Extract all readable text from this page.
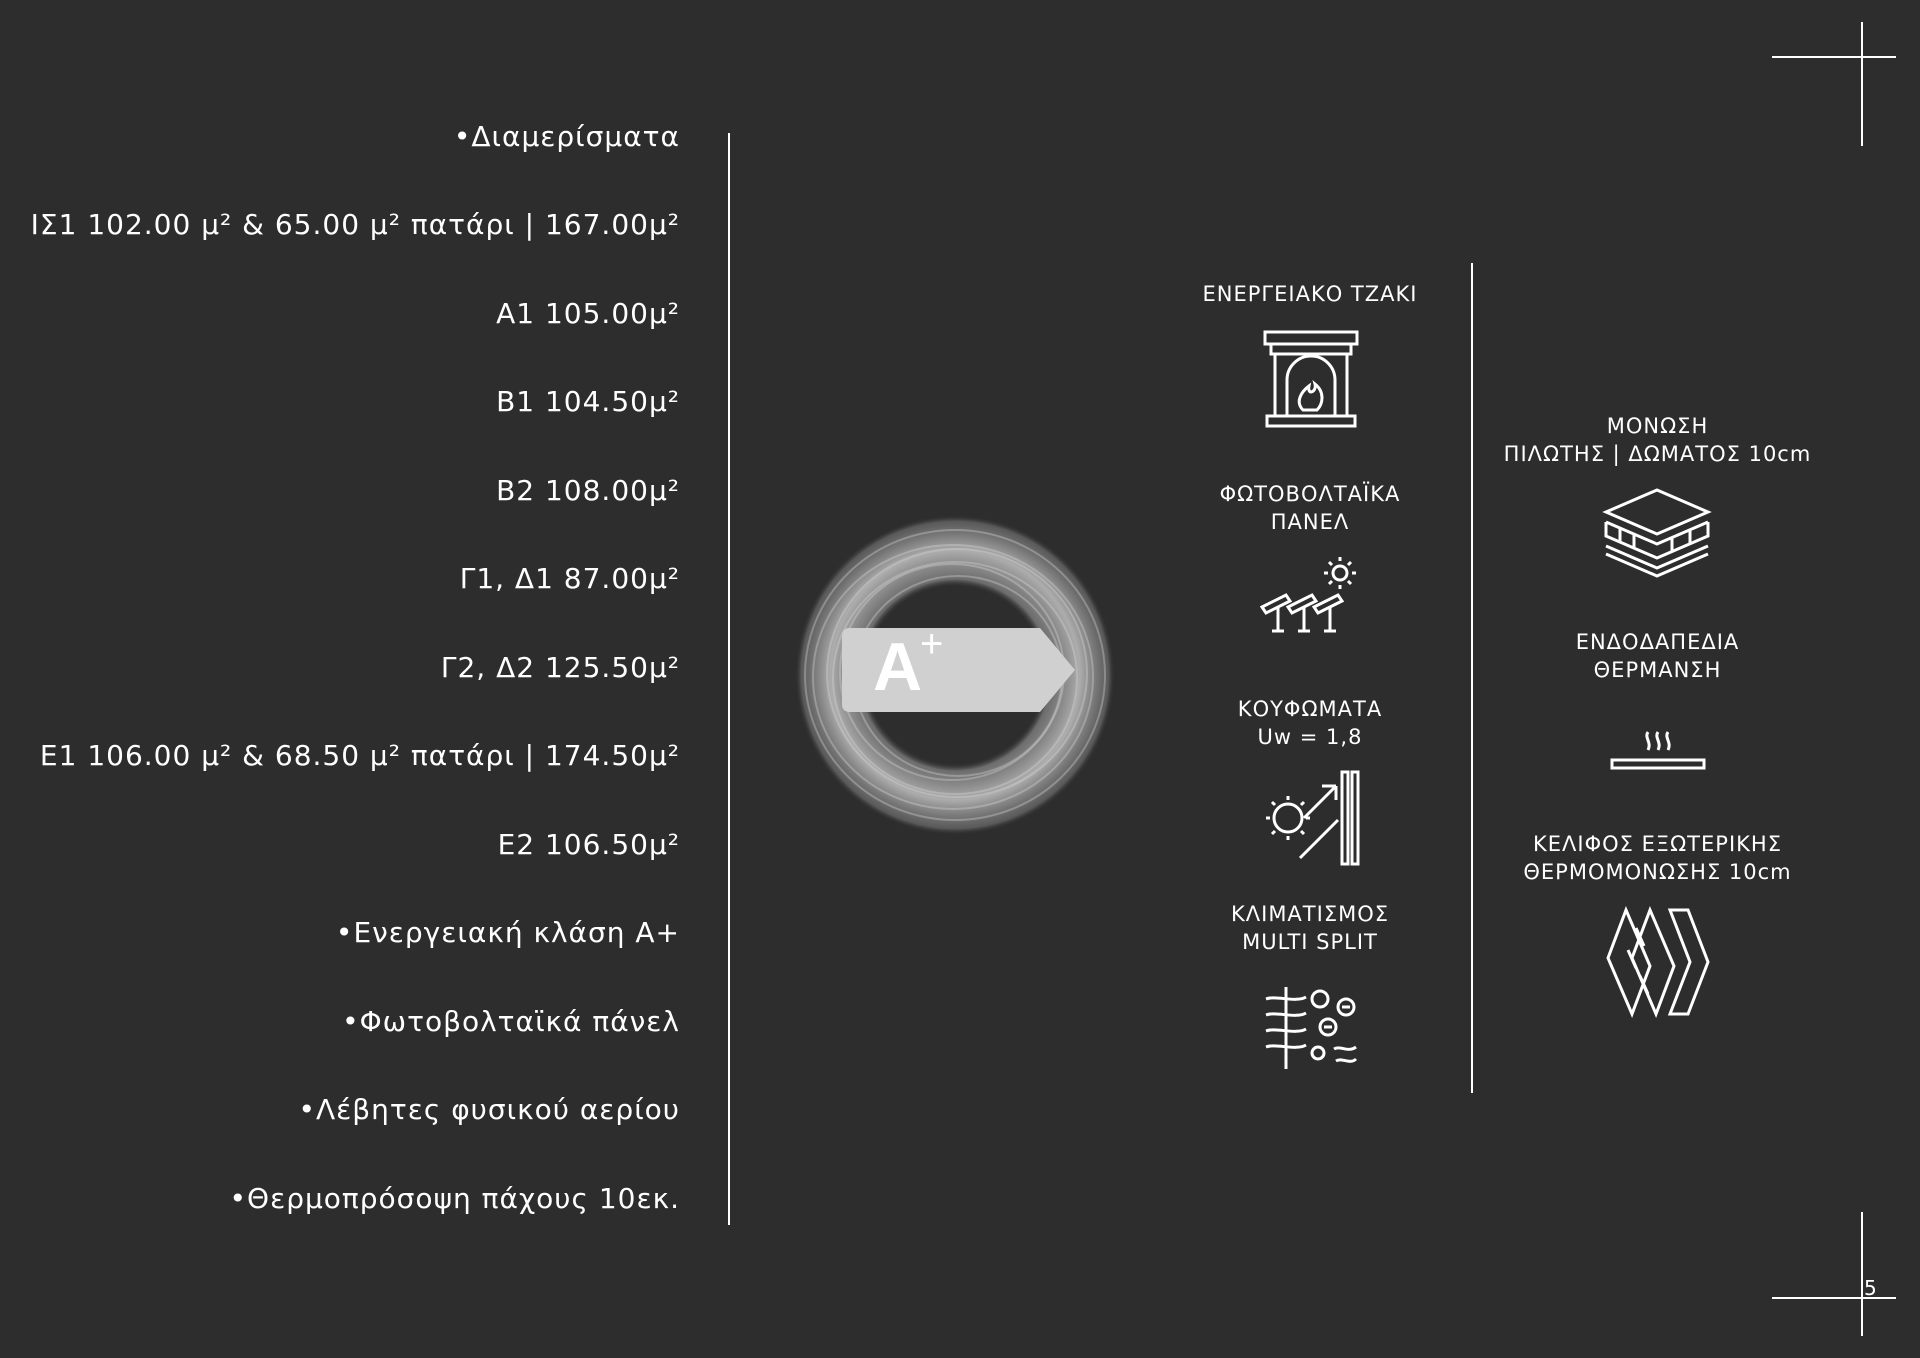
5
•Διαμερίσματα
ΙΣ1 102.00 μ² & 65.00 μ² πατάρι | 167.00μ²
Α1 105.00μ²
Β1 104.50μ²
Β2 108.00μ²
Γ1, Δ1 87.00μ²
Γ2, Δ2 125.50μ²
Ε1 106.00 μ² & 68.50 μ² πατάρι | 174.50μ²
Ε2 106.50μ²
•Ενεργειακή κλάση Α+
•Φωτοβολταϊκά πάνελ
•Λέβητες φυσικού αερίου
•Θερμοπρόσοψη πάχους 10εκ.
A
+
ΕΝΕΡΓΕΙΑΚΟ ΤΖΑΚΙ
ΦΩΤΟΒΟΛΤΑΪΚΑ
ΠΑΝΕΛ
ΚΟΥΦΩΜΑΤΑ
Uw = 1,8
ΚΛΙΜΑΤΙΣΜΟΣ
MULTI SPLIT
ΜΟΝΩΣΗ
ΠΙΛΩΤΗΣ | ΔΩΜΑΤΟΣ 10cm
ΕΝΔΟΔΑΠΕΔΙΑ
ΘΕΡΜΑΝΣΗ
ΚΕΛΙΦΟΣ ΕΞΩΤΕΡΙΚΗΣ
ΘΕΡΜΟΜΟΝΩΣΗΣ 10cm
